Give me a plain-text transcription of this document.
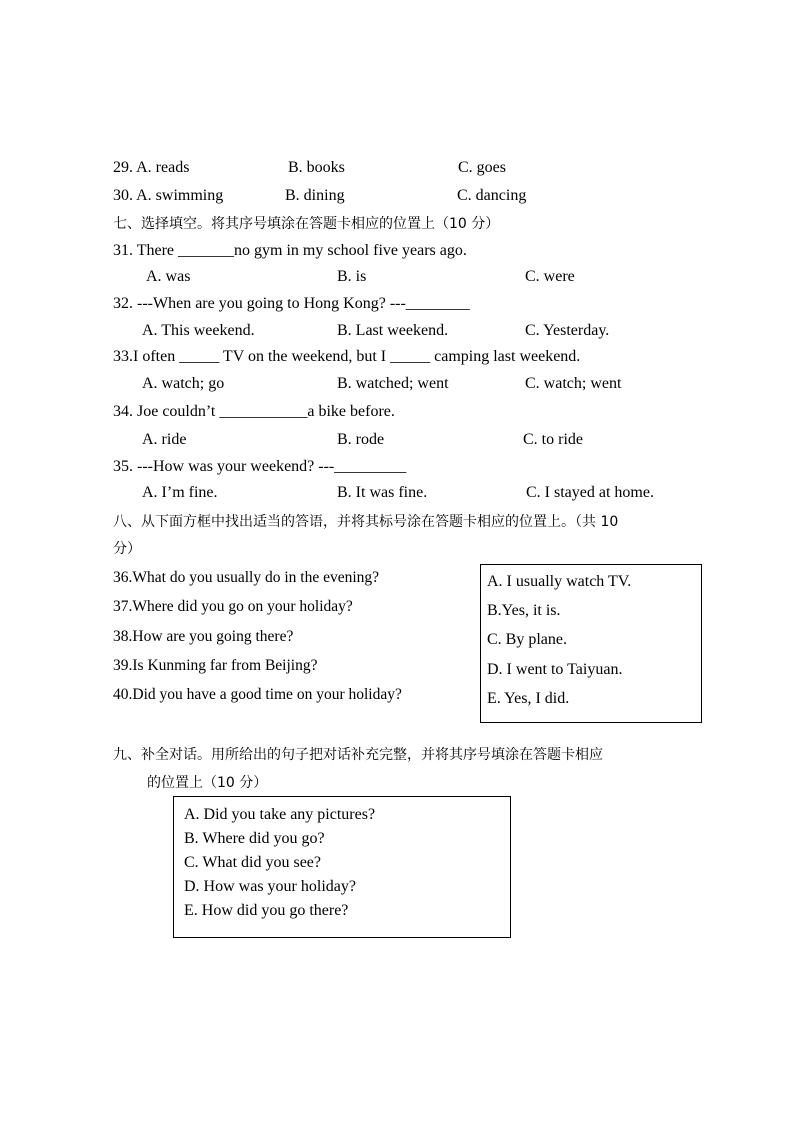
29. A. reads	B. books	C. goes
30. A. swimming	B. dining	C. dancing
七、选择填空。将其序号填涂在答题卡相应的位置上（10 分）
31. There _______no gym in my school five years ago.
A. was	B. is	C. were
32. ---When are you going to Hong Kong? ---________
A. This weekend.	B. Last weekend.	C. Yesterday.
33.I often _____ TV on the weekend, but I _____ camping last weekend.
A. watch; go	B. watched; went	C. watch; went
34. Joe couldn’t ___________a bike before.
A. ride	B. rode	C. to ride
35. ---How was your weekend? ---_________
A. I’m fine.	B. It was fine.	C. I stayed at home.
八、从下面方框中找出适当的答语，并将其标号涂在答题卡相应的位置上。（共 10
分）
36.What do you usually do in the evening?
37.Where did you go on your holiday?
38.How are you going there?
39.Is Kunming far from Beijing?
40.Did you have a good time on your holiday?
A. I usually watch TV.
B.Yes, it is.
C. By plane.
D. I went to Taiyuan.
E. Yes, I did.
九、补全对话。用所给出的句子把对话补充完整，并将其序号填涂在答题卡相应
的位置上（10 分）
A. Did you take any pictures?
B. Where did you go?
C. What did you see?
D. How was your holiday?
E. How did you go there?
